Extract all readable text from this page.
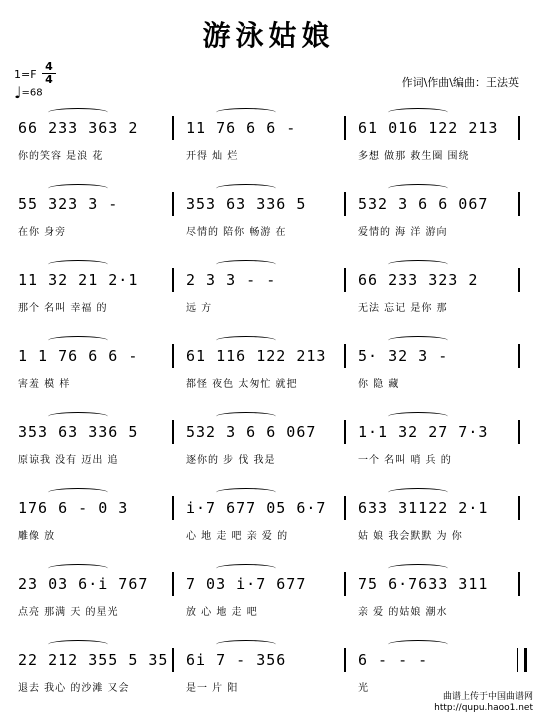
游泳姑娘
1=F
4
4
♩=68
作词\作曲\编曲：王法英
66 233 363 2
你的笑容 是浪 花
11 76 6 6 -
开得 灿 烂
61 016 122 213
多想 做那 救生圈 围绕
55 323 3 -
在你 身旁
353 63 336 5
尽情的 陪你 畅游 在
532 3 6 6 067
爱情的 海 洋 游向
11 32 21 2·1
那个 名叫 幸福 的
2 3 3 - -
远 方
66 233 323 2
无法 忘记 是你 那
1 1 76 6 6 -
害羞 模 样
61 116 122 213
都怪 夜色 太匆忙 就把
5· 32 3 -
你 隐 藏
353 63 336 5
原谅我 没有 迈出 追
532 3 6 6 067
逐你的 步 伐 我是
1·1 32 27 7·3
一个 名叫 哨 兵 的
176 6 - 0 3
雕像 放
i·7 677 05 6·7
心 地 走 吧 亲 爱 的
633 31122 2·1
姑 娘 我会默默 为 你
23 03 6·i 767
点亮 那满 天 的星光
7 03 i·7 677
放 心 地 走 吧
75 6·7633 311
亲 爱 的姑娘 潮水
22 212 355 5 35
退去 我心 的沙滩 又会
6i 7 - 356
是一 片 阳
6 - - -
光
曲谱上传于中国曲谱网
http://qupu.haoo1.net
